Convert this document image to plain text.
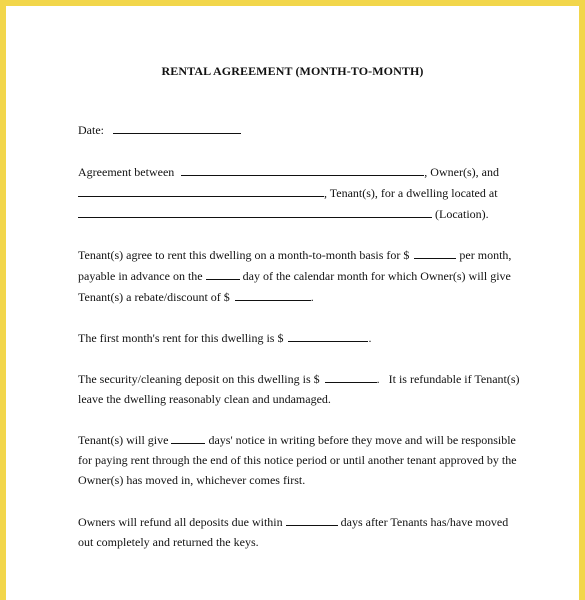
RENTAL AGREEMENT (MONTH-TO-MONTH)
Date:
Agreement between	, Owner(s), and
, Tenant(s), for a dwelling located at
(Location).
Tenant(s) agree to rent this dwelling on a month-to-month basis for $	per month,
payable in advance on the	day of the calendar month for which Owner(s) will give
Tenant(s) a rebate/discount of $	.
The first month's rent for this dwelling is $	.
The security/cleaning deposit on this dwelling is $	.   It is refundable if Tenant(s)
leave the dwelling reasonably clean and undamaged.
Tenant(s) will give	days' notice in writing before they move and will be responsible
for paying rent through the end of this notice period or until another tenant approved by the
Owner(s) has moved in, whichever comes first.
Owners will refund all deposits due within	days after Tenants has/have moved
out completely and returned the keys.
